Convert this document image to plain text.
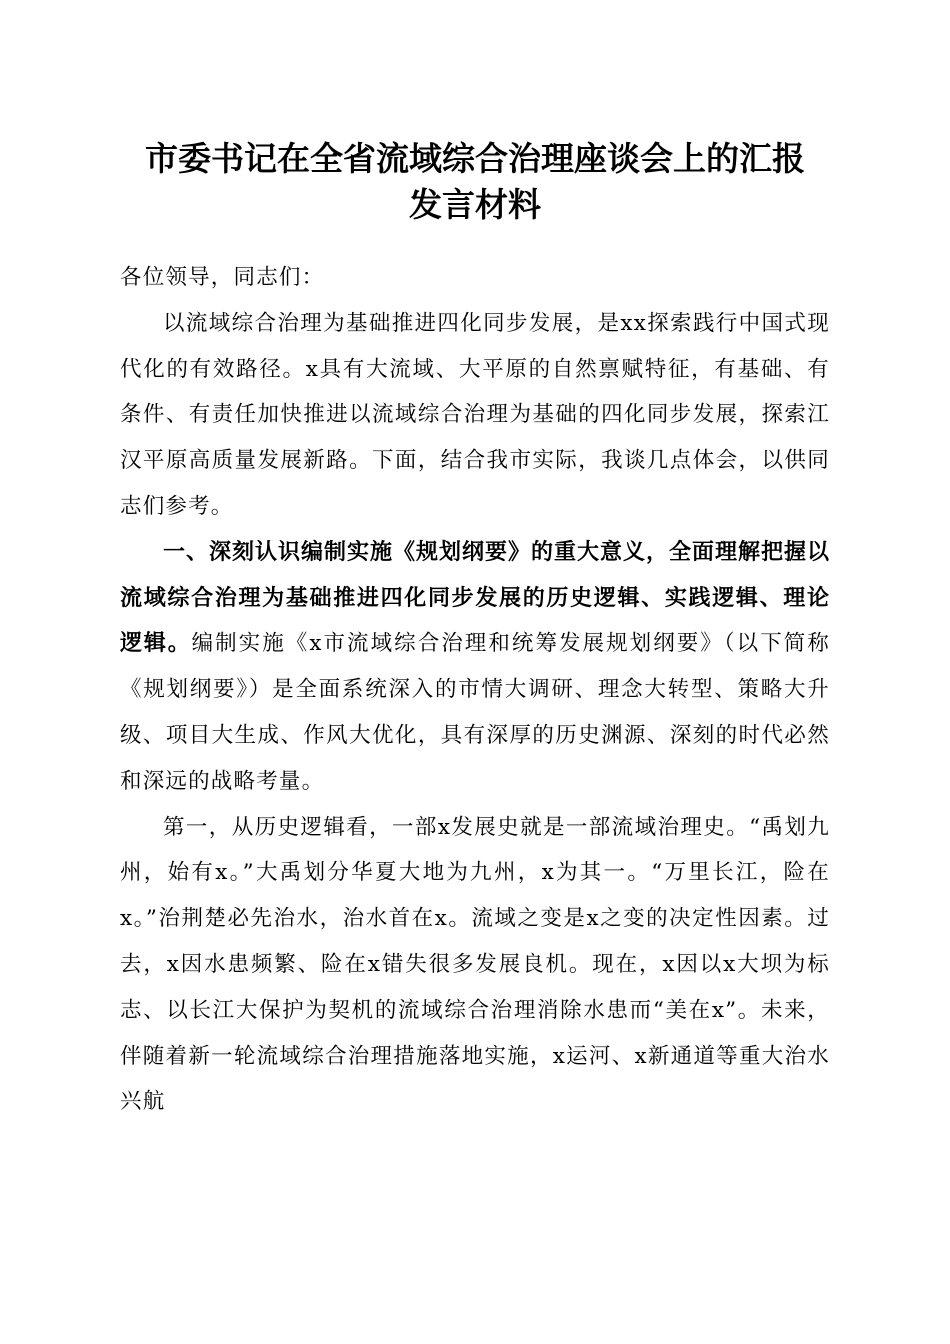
市委书记在全省流域综合治理座谈会上的汇报
发言材料

各位领导，同志们：

以流域综合治理为基础推进四化同步发展，是xx探索践行中国式现代化的有效路径。x具有大流域、大平原的自然禀赋特征，有基础、有条件、有责任加快推进以流域综合治理为基础的四化同步发展，探索江汉平原高质量发展新路。下面，结合我市实际，我谈几点体会，以供同志们参考。

一、深刻认识编制实施《规划纲要》的重大意义，全面理解把握以流域综合治理为基础推进四化同步发展的历史逻辑、实践逻辑、理论逻辑。编制实施《x市流域综合治理和统筹发展规划纲要》（以下简称《规划纲要》）是全面系统深入的市情大调研、理念大转型、策略大升级、项目大生成、作风大优化，具有深厚的历史渊源、深刻的时代必然和深远的战略考量。

第一，从历史逻辑看，一部x发展史就是一部流域治理史。“禹划九州，始有x。”大禹划分华夏大地为九州，x为其一。“万里长江，险在x。”治荆楚必先治水，治水首在x。流域之变是x之变的决定性因素。过去，x因水患频繁、险在x错失很多发展良机。现在，x因以x大坝为标志、以长江大保护为契机的流域综合治理消除水患而“美在x”。未来，伴随着新一轮流域综合治理措施落地实施，x运河、x新通道等重大治水兴航
